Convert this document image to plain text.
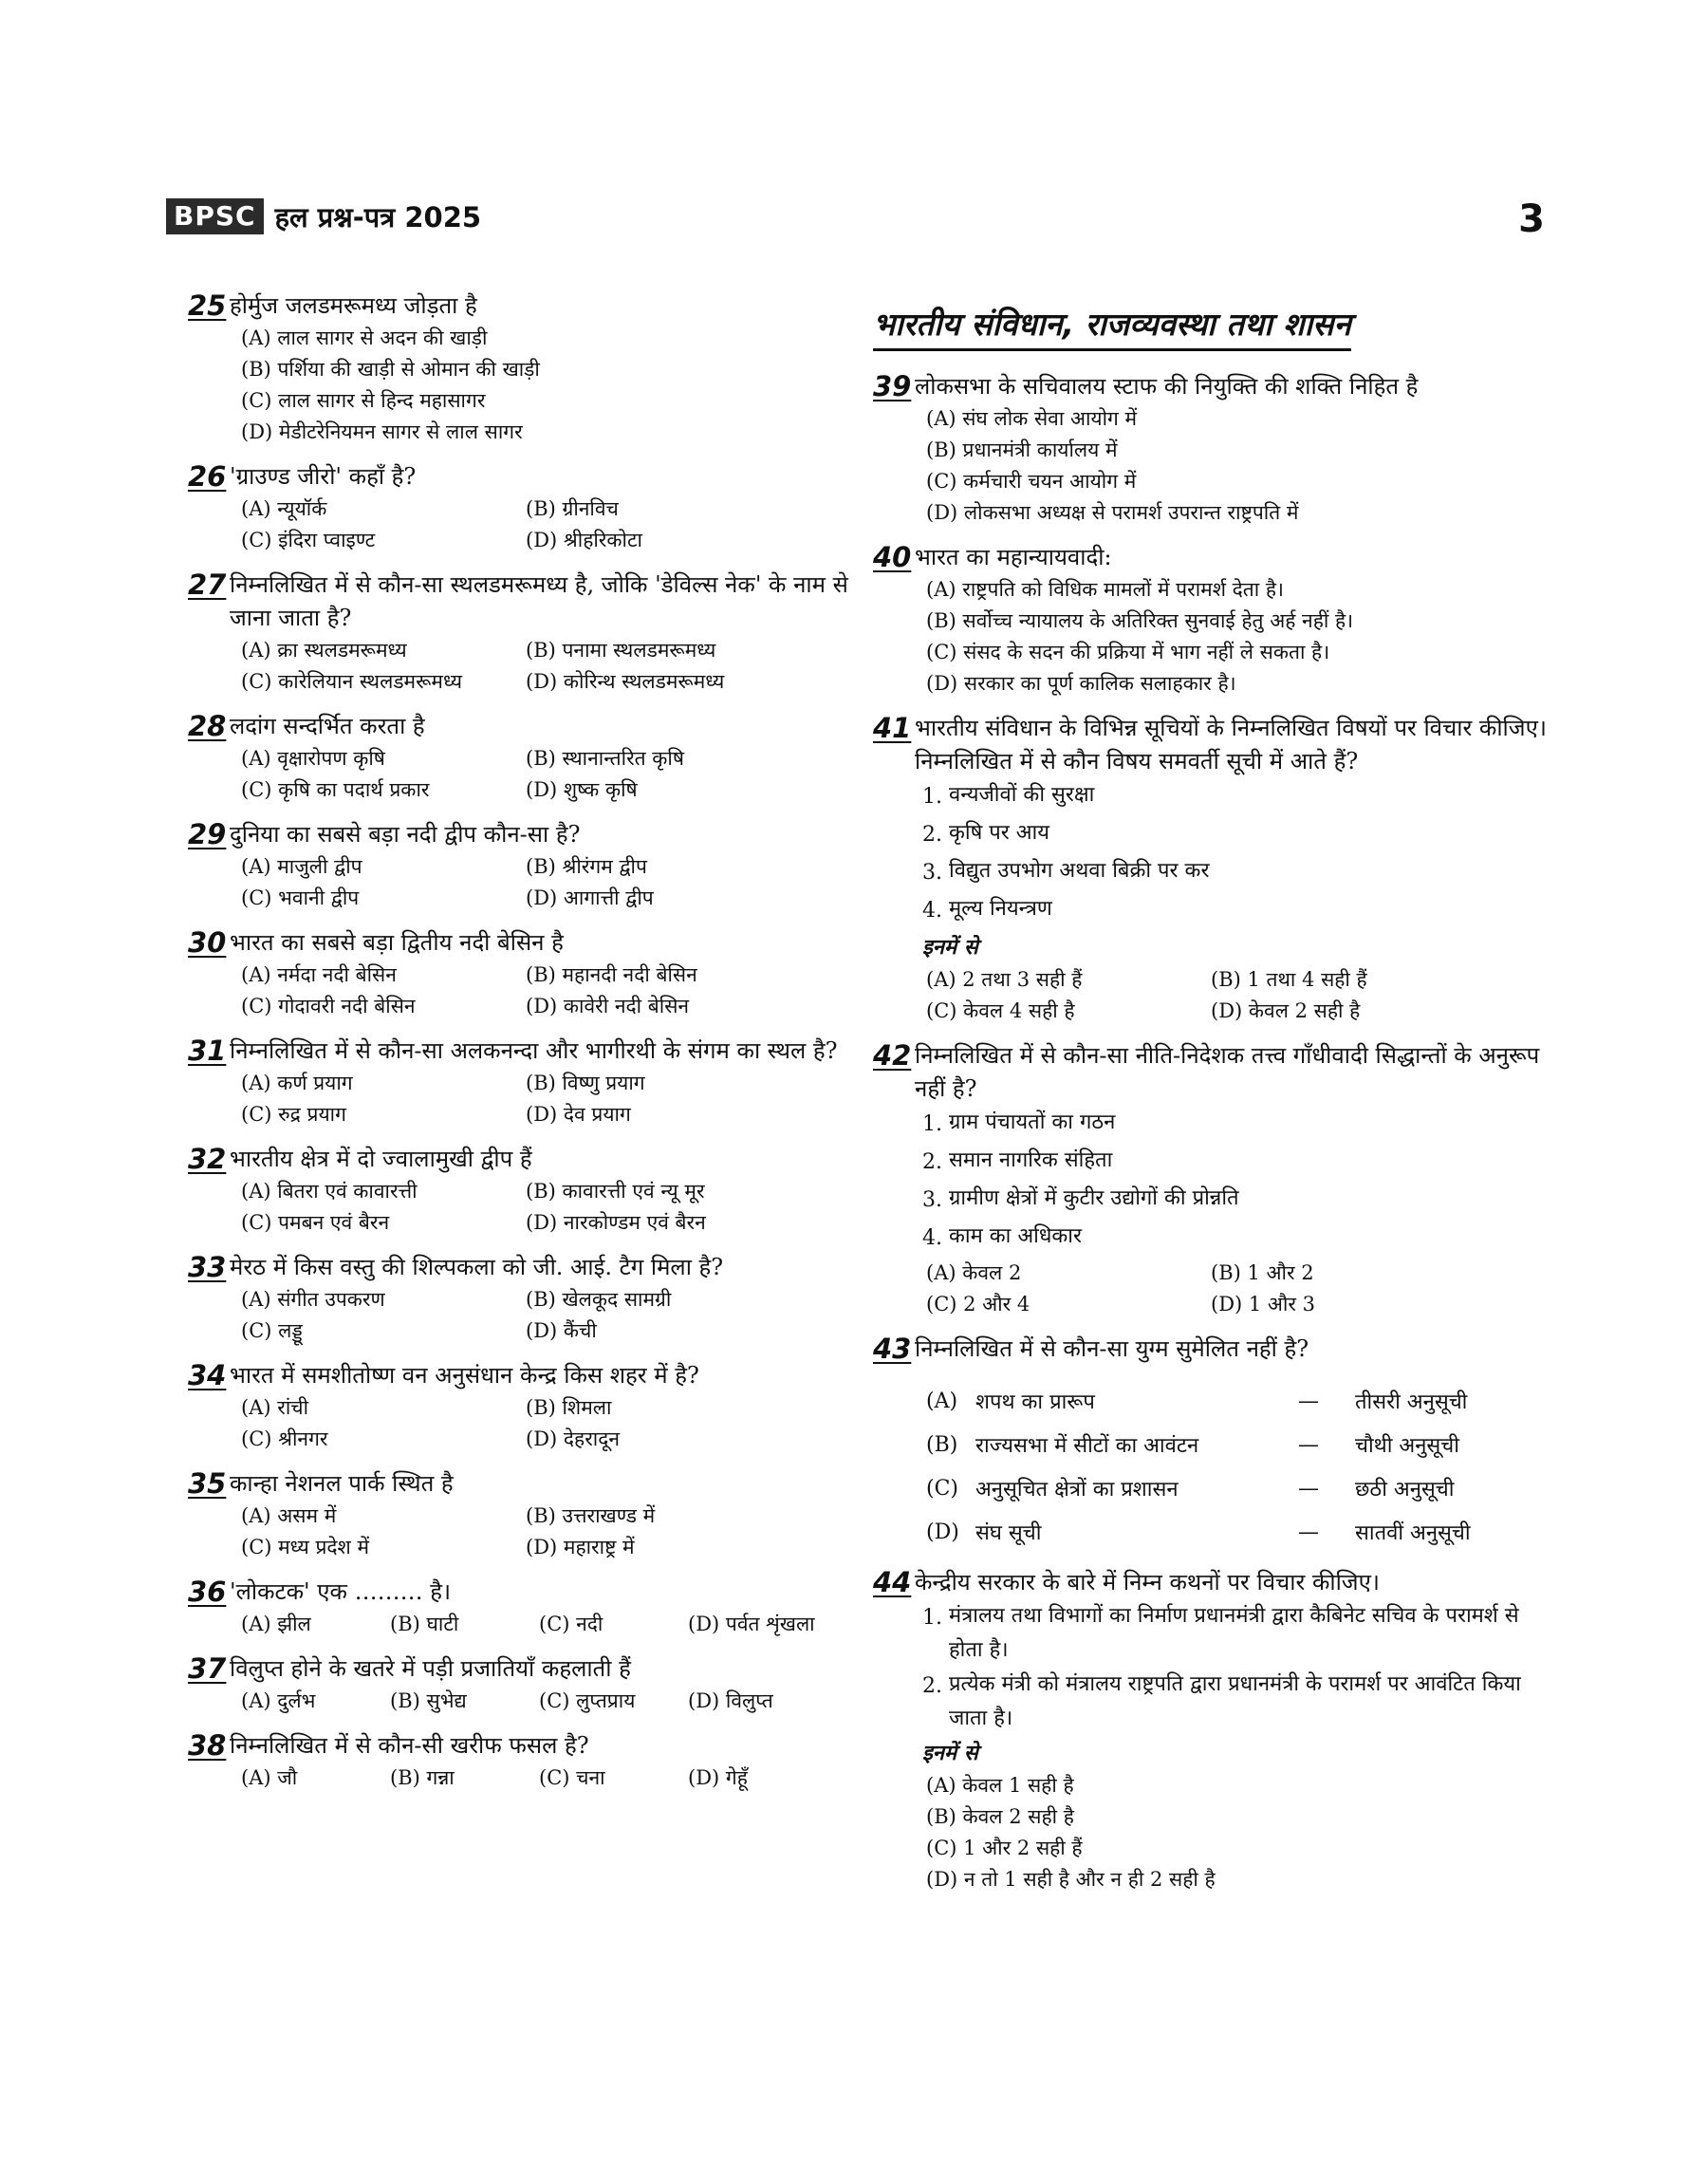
BPSC हल प्रश्न-पत्र 2025	3
25 होर्मुज जलडमरूमध्य जोड़ता है
(A) लाल सागर से अदन की खाड़ी
(B) पर्शिया की खाड़ी से ओमान की खाड़ी
(C) लाल सागर से हिन्द महासागर
(D) मेडीटरेनियमन सागर से लाल सागर
26 'ग्राउण्ड जीरो' कहाँ है?
(A) न्यूयॉर्क	(B) ग्रीनविच
(C) इंदिरा प्वाइण्ट	(D) श्रीहरिकोटा
27 निम्नलिखित में से कौन-सा स्थलडमरूमध्य है, जोकि 'डेविल्स नेक' के नाम से जाना जाता है?
(A) क्रा स्थलडमरूमध्य	(B) पनामा स्थलडमरूमध्य
(C) कारेलियान स्थलडमरूमध्य	(D) कोरिन्थ स्थलडमरूमध्य
28 लदांग सन्दर्भित करता है
(A) वृक्षारोपण कृषि	(B) स्थानान्तरित कृषि
(C) कृषि का पदार्थ प्रकार	(D) शुष्क कृषि
29 दुनिया का सबसे बड़ा नदी द्वीप कौन-सा है?
(A) माजुली द्वीप	(B) श्रीरंगम द्वीप
(C) भवानी द्वीप	(D) आगात्ती द्वीप
30 भारत का सबसे बड़ा द्वितीय नदी बेसिन है
(A) नर्मदा नदी बेसिन	(B) महानदी नदी बेसिन
(C) गोदावरी नदी बेसिन	(D) कावेरी नदी बेसिन
31 निम्नलिखित में से कौन-सा अलकनन्दा और भागीरथी के संगम का स्थल है?
(A) कर्ण प्रयाग	(B) विष्णु प्रयाग
(C) रुद्र प्रयाग	(D) देव प्रयाग
32 भारतीय क्षेत्र में दो ज्वालामुखी द्वीप हैं
(A) बितरा एवं कावारत्ती	(B) कावारत्ती एवं न्यू मूर
(C) पमबन एवं बैरन	(D) नारकोण्डम एवं बैरन
33 मेरठ में किस वस्तु की शिल्पकला को जी. आई. टैग मिला है?
(A) संगीत उपकरण	(B) खेलकूद सामग्री
(C) लड्डू	(D) कैंची
34 भारत में समशीतोष्ण वन अनुसंधान केन्द्र किस शहर में है?
(A) रांची	(B) शिमला
(C) श्रीनगर	(D) देहरादून
35 कान्हा नेशनल पार्क स्थित है
(A) असम में	(B) उत्तराखण्ड में
(C) मध्य प्रदेश में	(D) महाराष्ट्र में
36 'लोकटक' एक ……… है।
(A) झील	(B) घाटी	(C) नदी	(D) पर्वत शृंखला
37 विलुप्त होने के खतरे में पड़ी प्रजातियाँ कहलाती हैं
(A) दुर्लभ	(B) सुभेद्य	(C) लुप्तप्राय	(D) विलुप्त
38 निम्नलिखित में से कौन-सी खरीफ फसल है?
(A) जौ	(B) गन्ना	(C) चना	(D) गेहूँ
भारतीय संविधान, राजव्यवस्था तथा शासन
39 लोकसभा के सचिवालय स्टाफ की नियुक्ति की शक्ति निहित है
(A) संघ लोक सेवा आयोग में
(B) प्रधानमंत्री कार्यालय में
(C) कर्मचारी चयन आयोग में
(D) लोकसभा अध्यक्ष से परामर्श उपरान्त राष्ट्रपति में
40 भारत का महान्यायवादी:
(A) राष्ट्रपति को विधिक मामलों में परामर्श देता है।
(B) सर्वोच्च न्यायालय के अतिरिक्त सुनवाई हेतु अर्ह नहीं है।
(C) संसद के सदन की प्रक्रिया में भाग नहीं ले सकता है।
(D) सरकार का पूर्ण कालिक सलाहकार है।
41 भारतीय संविधान के विभिन्न सूचियों के निम्नलिखित विषयों पर विचार कीजिए। निम्नलिखित में से कौन विषय समवर्ती सूची में आते हैं?
1. वन्यजीवों की सुरक्षा
2. कृषि पर आय
3. विद्युत उपभोग अथवा बिक्री पर कर
4. मूल्य नियन्त्रण
इनमें से
(A) 2 तथा 3 सही हैं	(B) 1 तथा 4 सही हैं
(C) केवल 4 सही है	(D) केवल 2 सही है
42 निम्नलिखित में से कौन-सा नीति-निदेशक तत्त्व गाँधीवादी सिद्धान्तों के अनुरूप नहीं है?
1. ग्राम पंचायतों का गठन
2. समान नागरिक संहिता
3. ग्रामीण क्षेत्रों में कुटीर उद्योगों की प्रोन्नति
4. काम का अधिकार
(A) केवल 2	(B) 1 और 2
(C) 2 और 4	(D) 1 और 3
43 निम्नलिखित में से कौन-सा युग्म सुमेलित नहीं है?
(A) शपथ का प्रारूप	—	तीसरी अनुसूची
(B) राज्यसभा में सीटों का आवंटन	—	चौथी अनुसूची
(C) अनुसूचित क्षेत्रों का प्रशासन	—	छठी अनुसूची
(D) संघ सूची	—	सातवीं अनुसूची
44 केन्द्रीय सरकार के बारे में निम्न कथनों पर विचार कीजिए।
1. मंत्रालय तथा विभागों का निर्माण प्रधानमंत्री द्वारा कैबिनेट सचिव के परामर्श से होता है।
2. प्रत्येक मंत्री को मंत्रालय राष्ट्रपति द्वारा प्रधानमंत्री के परामर्श पर आवंटित किया जाता है।
इनमें से
(A) केवल 1 सही है
(B) केवल 2 सही है
(C) 1 और 2 सही हैं
(D) न तो 1 सही है और न ही 2 सही है
